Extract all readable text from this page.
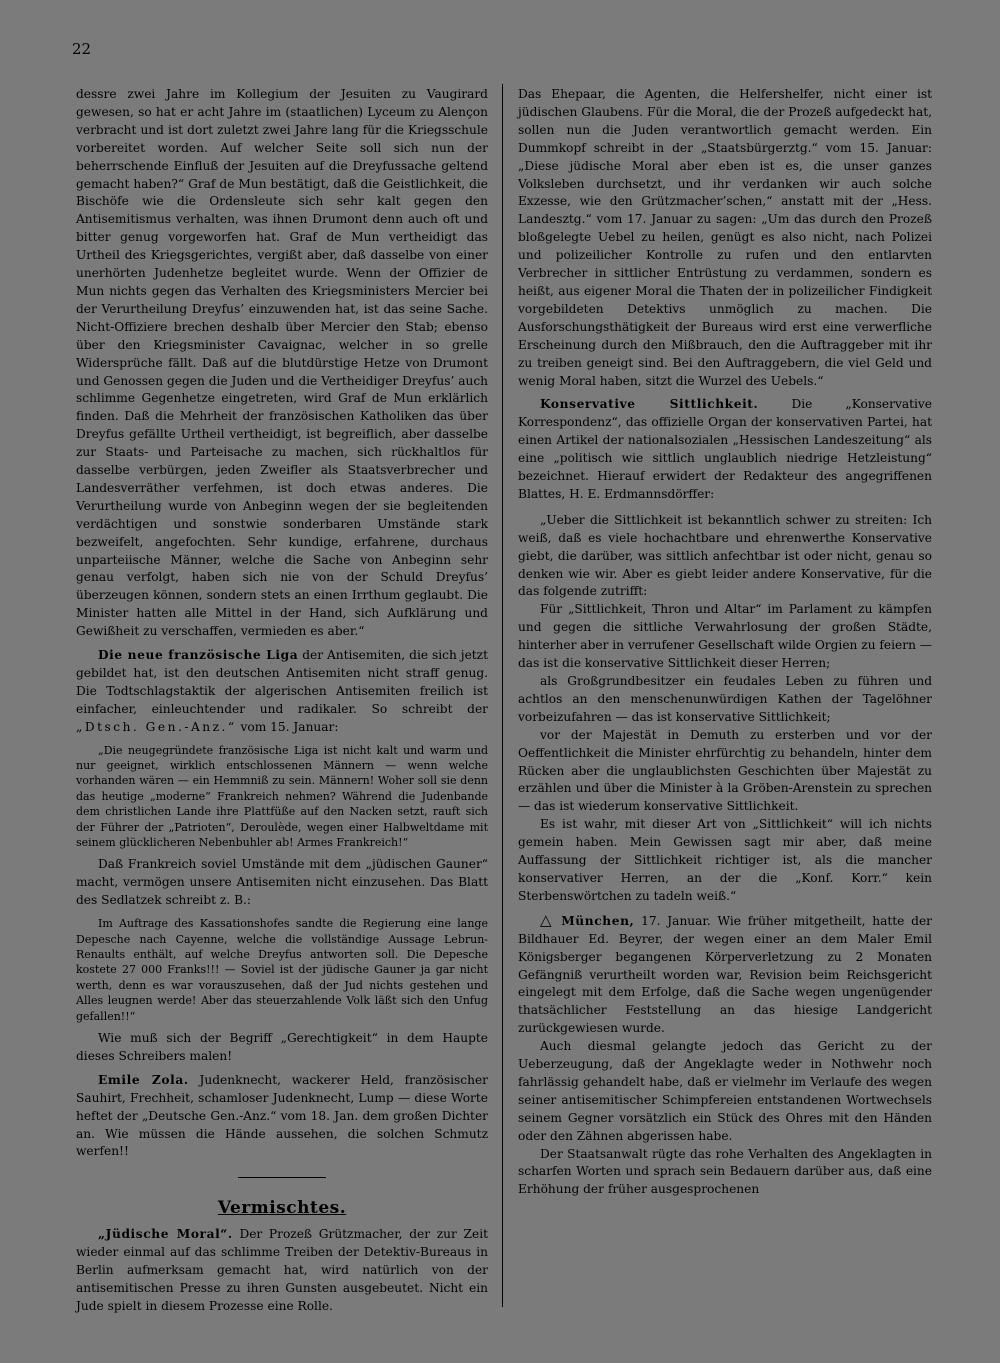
22

dessre zwei Jahre im Kollegium der Jesuiten zu Vaugirard gewesen, so hat er acht Jahre im (staatlichen) Lyceum zu Alençon verbracht und ist dort zuletzt zwei Jahre lang für die Kriegsschule vorbereitet worden. Auf welcher Seite soll sich nun der beherrschende Einfluß der Jesuiten auf die Dreyfussache geltend gemacht haben?“ Graf de Mun bestätigt, daß die Geistlichkeit, die Bischöfe wie die Ordensleute sich sehr kalt gegen den Antisemitismus verhalten, was ihnen Drumont denn auch oft und bitter genug vorgeworfen hat. Graf de Mun vertheidigt das Urtheil des Kriegsgerichtes, vergißt aber, daß dasselbe von einer unerhörten Judenhetze begleitet wurde. Wenn der Offizier de Mun nichts gegen das Verhalten des Kriegsministers Mercier bei der Verurtheilung Dreyfus’ einzuwenden hat, ist das seine Sache. Nicht-Offiziere brechen deshalb über Mercier den Stab; ebenso über den Kriegsminister Cavaignac, welcher in so grelle Widersprüche fällt. Daß auf die blutdürstige Hetze von Drumont und Genossen gegen die Juden und die Vertheidiger Dreyfus’ auch schlimme Gegenhetze eingetreten, wird Graf de Mun erklärlich finden. Daß die Mehrheit der französischen Katholiken das über Dreyfus gefällte Urtheil vertheidigt, ist begreiflich, aber dasselbe zur Staats- und Parteisache zu machen, sich rückhaltlos für dasselbe verbürgen, jeden Zweifler als Staatsverbrecher und Landesverräther verfehmen, ist doch etwas anderes. Die Verurtheilung wurde von Anbeginn wegen der sie begleitenden verdächtigen und sonstwie sonderbaren Umstände stark bezweifelt, angefochten. Sehr kundige, erfahrene, durchaus unparteiische Männer, welche die Sache von Anbeginn sehr genau verfolgt, haben sich nie von der Schuld Dreyfus’ überzeugen können, sondern stets an einen Irrthum geglaubt. Die Minister hatten alle Mittel in der Hand, sich Aufklärung und Gewißheit zu verschaffen, vermieden es aber.“

Die neue französische Liga der Antisemiten, die sich jetzt gebildet hat, ist den deutschen Antisemiten nicht straff genug. Die Todtschlagstaktik der algerischen Antisemiten freilich ist einfacher, einleuchtender und radikaler. So schreibt der „Dtsch. Gen.-Anz.“ vom 15. Januar:

„Die neugegründete französische Liga ist nicht kalt und warm und nur geeignet, wirklich entschlossenen Männern — wenn welche vorhanden wären — ein Hemmniß zu sein. Männern! Woher soll sie denn das heutige „moderne“ Frankreich nehmen? Während die Judenbande dem christlichen Lande ihre Plattfüße auf den Nacken setzt, rauft sich der Führer der „Patrioten“, Deroulède, wegen einer Halbweltdame mit seinem glücklicheren Nebenbuhler ab! Armes Frankreich!“

Daß Frankreich soviel Umstände mit dem „jüdischen Gauner“ macht, vermögen unsere Antisemiten nicht einzusehen. Das Blatt des Sedlatzek schreibt z. B.:

Im Auftrage des Kassationshofes sandte die Regierung eine lange Depesche nach Cayenne, welche die vollständige Aussage Lebrun-Renaults enthält, auf welche Dreyfus antworten soll. Die Depesche kostete 27 000 Franks!!! — Soviel ist der jüdische Gauner ja gar nicht werth, denn es war vorauszusehen, daß der Jud nichts gestehen und Alles leugnen werde! Aber das steuerzahlende Volk läßt sich den Unfug gefallen!!“

Wie muß sich der Begriff „Gerechtigkeit“ in dem Haupte dieses Schreibers malen!

Emile Zola. Judenknecht, wackerer Held, französischer Sauhirt, Frechheit, schamloser Judenknecht, Lump — diese Worte heftet der „Deutsche Gen.-Anz.“ vom 18. Jan. dem großen Dichter an. Wie müssen die Hände aussehen, die solchen Schmutz werfen!!

Vermischtes.

„Jüdische Moral“. Der Prozeß Grützmacher, der zur Zeit wieder einmal auf das schlimme Treiben der Detektiv-Bureaus in Berlin aufmerksam gemacht hat, wird natürlich von der antisemitischen Presse zu ihren Gunsten ausgebeutet. Nicht ein Jude spielt in diesem Prozesse eine Rolle.

Das Ehepaar, die Agenten, die Helfershelfer, nicht einer ist jüdischen Glaubens. Für die Moral, die der Prozeß aufgedeckt hat, sollen nun die Juden verantwortlich gemacht werden. Ein Dummkopf schreibt in der „Staatsbürgerztg.“ vom 15. Januar: „Diese jüdische Moral aber eben ist es, die unser ganzes Volksleben durchsetzt, und ihr verdanken wir auch solche Exzesse, wie den Grützmacher’schen,“ anstatt mit der „Hess. Landesztg.“ vom 17. Januar zu sagen: „Um das durch den Prozeß bloßgelegte Uebel zu heilen, genügt es also nicht, nach Polizei und polizeilicher Kontrolle zu rufen und den entlarvten Verbrecher in sittlicher Entrüstung zu verdammen, sondern es heißt, aus eigener Moral die Thaten der in polizeilicher Findigkeit vorgebildeten Detektivs unmöglich zu machen. Die Ausforschungsthätigkeit der Bureaus wird erst eine verwerfliche Erscheinung durch den Mißbrauch, den die Auftraggeber mit ihr zu treiben geneigt sind. Bei den Auftraggebern, die viel Geld und wenig Moral haben, sitzt die Wurzel des Uebels.“

Konservative Sittlichkeit. Die „Konservative Korrespondenz“, das offizielle Organ der konservativen Partei, hat einen Artikel der nationalsozialen „Hessischen Landeszeitung“ als eine „politisch wie sittlich unglaublich niedrige Hetzleistung“ bezeichnet. Hierauf erwidert der Redakteur des angegriffenen Blattes, H. E. Erdmannsdörffer:

„Ueber die Sittlichkeit ist bekanntlich schwer zu streiten: Ich weiß, daß es viele hochachtbare und ehrenwerthe Konservative giebt, die darüber, was sittlich anfechtbar ist oder nicht, genau so denken wie wir. Aber es giebt leider andere Konservative, für die das folgende zutrifft:

Für „Sittlichkeit, Thron und Altar“ im Parlament zu kämpfen und gegen die sittliche Verwahrlosung der großen Städte, hinterher aber in verrufener Gesellschaft wilde Orgien zu feiern — das ist die konservative Sittlichkeit dieser Herren;

als Großgrundbesitzer ein feudales Leben zu führen und achtlos an den menschenunwürdigen Kathen der Tagelöhner vorbeizufahren — das ist konservative Sittlichkeit;

vor der Majestät in Demuth zu ersterben und vor der Oeffentlichkeit die Minister ehrfürchtig zu behandeln, hinter dem Rücken aber die unglaublichsten Geschichten über Majestät zu erzählen und über die Minister à la Gröben-Arenstein zu sprechen — das ist wiederum konservative Sittlichkeit.

Es ist wahr, mit dieser Art von „Sittlichkeit“ will ich nichts gemein haben. Mein Gewissen sagt mir aber, daß meine Auffassung der Sittlichkeit richtiger ist, als die mancher konservativer Herren, an der die „Konf. Korr.“ kein Sterbenswörtchen zu tadeln weiß.“

△ München, 17. Januar. Wie früher mitgetheilt, hatte der Bildhauer Ed. Beyrer, der wegen einer an dem Maler Emil Königsberger begangenen Körperverletzung zu 2 Monaten Gefängniß verurtheilt worden war, Revision beim Reichsgericht eingelegt mit dem Erfolge, daß die Sache wegen ungenügender thatsächlicher Feststellung an das hiesige Landgericht zurückgewiesen wurde.

Auch diesmal gelangte jedoch das Gericht zu der Ueberzeugung, daß der Angeklagte weder in Nothwehr noch fahrlässig gehandelt habe, daß er vielmehr im Verlaufe des wegen seiner antisemitischer Schimpfereien entstandenen Wortwechsels seinem Gegner vorsätzlich ein Stück des Ohres mit den Händen oder den Zähnen abgerissen habe.

Der Staatsanwalt rügte das rohe Verhalten des Angeklagten in scharfen Worten und sprach sein Bedauern darüber aus, daß eine Erhöhung der früher ausgesprochenen
